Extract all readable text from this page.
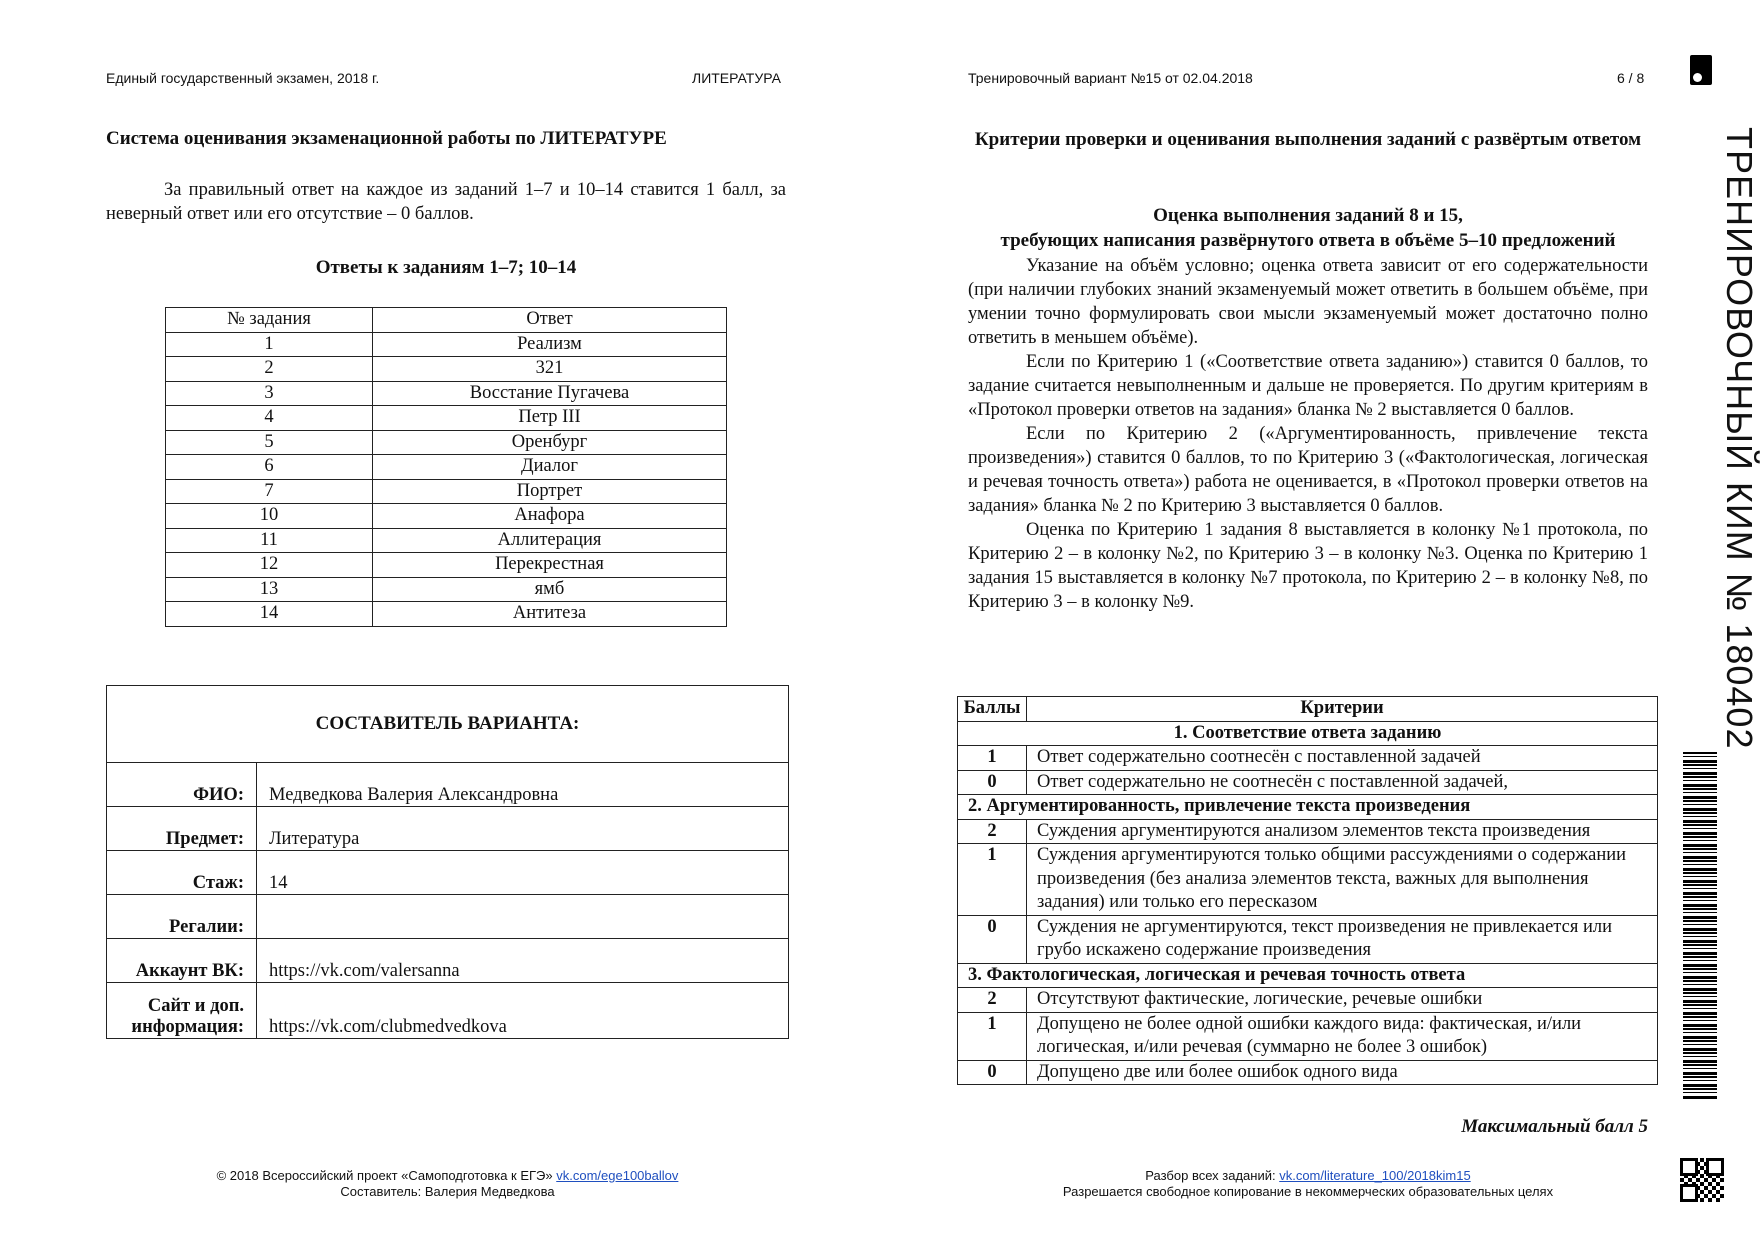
Единый государственный экзамен, 2018 г.	ЛИТЕРАТУРА	Тренировочный вариант №15 от 02.04.2018	6 / 8
Система оценивания экзаменационной работы по ЛИТЕРАТУРЕ
За правильный ответ на каждое из заданий 1–7 и 10–14 ставится 1 балл, за неверный ответ или его отсутствие – 0 баллов.
Ответы к заданиям 1–7; 10–14
№ задания	Ответ
1	Реализм
2	321
3	Восстание Пугачева
4	Петр III
5	Оренбург
6	Диалог
7	Портрет
10	Анафора
11	Аллитерация
12	Перекрестная
13	ямб
14	Антитеза
СОСТАВИТЕЛЬ ВАРИАНТА:	
ФИО:	Медведкова Валерия Александровна
Предмет:	Литература
Стаж:	14
Регалии:	
Аккаунт ВК:	https://vk.com/valersanna
Сайт и доп. информация:	https://vk.com/clubmedvedkova
Критерии проверки и оценивания выполнения заданий с развёртым ответом
Оценка выполнения заданий 8 и 15,
требующих написания развёрнутого ответа в объёме 5–10 предложений
Указание на объём условно; оценка ответа зависит от его содержательности (при наличии глубоких знаний экзаменуемый может ответить в большем объёме, при умении точно формулировать свои мысли экзаменуемый может достаточно полно ответить в меньшем объёме).
Если по Критерию 1 («Соответствие ответа заданию») ставится 0 баллов, то задание считается невыполненным и дальше не проверяется. По другим критериям в «Протокол проверки ответов на задания» бланка № 2 выставляется 0 баллов.
Если по Критерию 2 («Аргументированность, привлечение текста произведения») ставится 0 баллов, то по Критерию 3 («Фактологическая, логическая и речевая точность ответа») работа не оценивается, в «Протокол проверки ответов на задания» бланка № 2 по Критерию 3 выставляется 0 баллов.
Оценка по Критерию 1 задания 8 выставляется в колонку №1 протокола, по Критерию 2 – в колонку №2, по Критерию 3 – в колонку №3. Оценка по Критерию 1 задания 15 выставляется в колонку №7 протокола, по Критерию 2 – в колонку №8, по Критерию 3 – в колонку №9.
Баллы	Критерии
1. Соответствие ответа заданию	
1	Ответ содержательно соотнесён с поставленной задачей
0	Ответ содержательно не соотнесён с поставленной задачей,
2. Аргументированность, привлечение текста произведения	
2	Суждения аргументируются анализом элементов текста произведения
1	Суждения аргументируются только общими рассуждениями о содержании произведения (без анализа элементов текста, важных для выполнения задания) или только его пересказом
0	Суждения не аргументируются, текст произведения не привлекается или грубо искажено содержание произведения
3. Фактологическая, логическая и речевая точность ответа	
2	Отсутствуют фактические, логические, речевые ошибки
1	Допущено не более одной ошибки каждого вида: фактическая, и/или логическая, и/или речевая (суммарно не более 3 ошибок)
0	Допущено две или более ошибок одного вида
Максимальный балл 5
ТРЕНИРОВОЧНЫЙ КИМ № 180402
© 2018 Всероссийский проект «Самоподготовка к ЕГЭ» vk.com/ege100ballov
Составитель: Валерия Медведкова
Разбор всех заданий: vk.com/literature_100/2018kim15
Разрешается свободное копирование в некоммерческих образовательных целях
